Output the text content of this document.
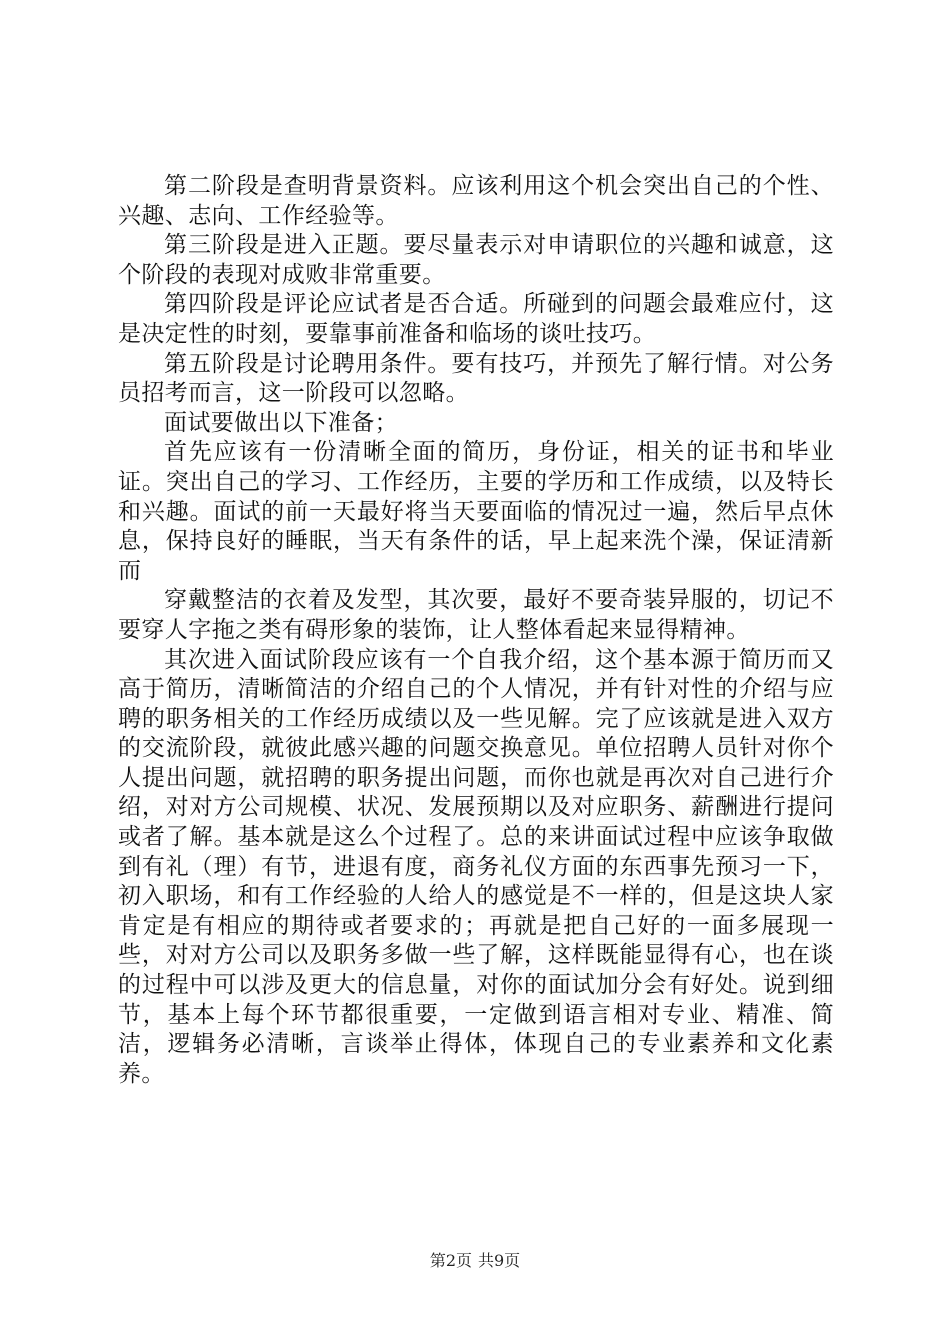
第二阶段是查明背景资料。应该利用这个机会突出自己的个性、兴趣、志向、工作经验等。

第三阶段是进入正题。要尽量表示对申请职位的兴趣和诚意，这个阶段的表现对成败非常重要。

第四阶段是评论应试者是否合适。所碰到的问题会最难应付，这是决定性的时刻，要靠事前准备和临场的谈吐技巧。

第五阶段是讨论聘用条件。要有技巧，并预先了解行情。对公务员招考而言，这一阶段可以忽略。

面试要做出以下准备；

首先应该有一份清晰全面的简历，身份证，相关的证书和毕业证。突出自己的学习、工作经历，主要的学历和工作成绩，以及特长和兴趣。面试的前一天最好将当天要面临的情况过一遍，然后早点休息，保持良好的睡眠，当天有条件的话，早上起来洗个澡，保证清新而

穿戴整洁的衣着及发型，其次要，最好不要奇装异服的，切记不要穿人字拖之类有碍形象的装饰，让人整体看起来显得精神。

其次进入面试阶段应该有一个自我介绍，这个基本源于简历而又高于简历，清晰简洁的介绍自己的个人情况，并有针对性的介绍与应聘的职务相关的工作经历成绩以及一些见解。完了应该就是进入双方的交流阶段，就彼此感兴趣的问题交换意见。单位招聘人员针对你个人提出问题，就招聘的职务提出问题，而你也就是再次对自己进行介绍，对对方公司规模、状况、发展预期以及对应职务、薪酬进行提问或者了解。基本就是这么个过程了。总的来讲面试过程中应该争取做到有礼（理）有节，进退有度，商务礼仪方面的东西事先预习一下，初入职场，和有工作经验的人给人的感觉是不一样的，但是这块人家肯定是有相应的期待或者要求的；再就是把自己好的一面多展现一些，对对方公司以及职务多做一些了解，这样既能显得有心，也在谈的过程中可以涉及更大的信息量，对你的面试加分会有好处。说到细节，基本上每个环节都很重要，一定做到语言相对专业、精准、简洁，逻辑务必清晰，言谈举止得体，体现自己的专业素养和文化素养。

第2页 共9页
